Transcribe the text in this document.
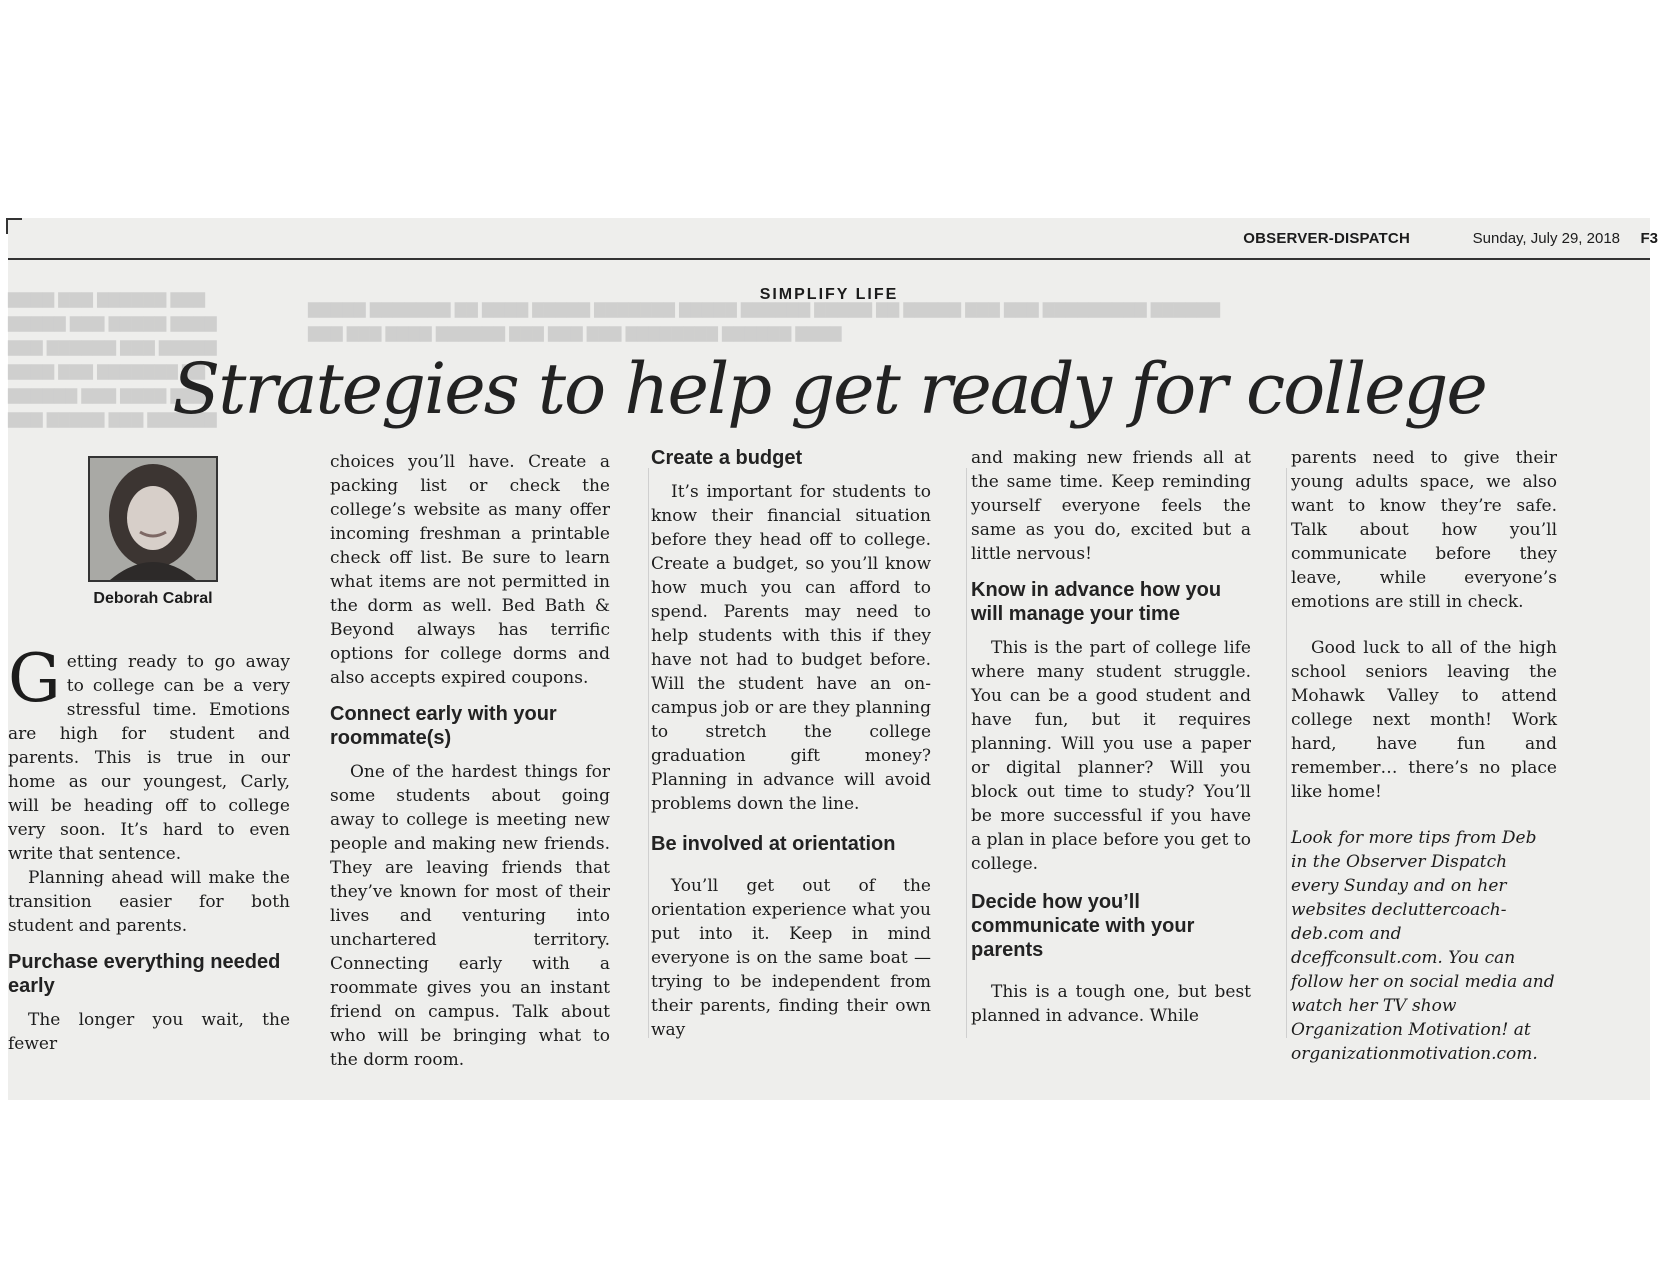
▇▇▇▇ ▇▇▇ ▇▇▇▇▇▇ ▇▇▇
▇▇▇▇▇ ▇▇▇ ▇▇▇▇▇ ▇▇▇▇
▇▇▇ ▇▇▇▇▇▇ ▇▇▇ ▇▇▇▇▇
▇▇▇▇ ▇▇▇ ▇▇▇▇▇▇▇ ▇▇
▇▇▇▇▇▇ ▇▇▇ ▇▇▇▇ ▇▇▇
▇▇▇ ▇▇▇▇▇ ▇▇▇ ▇▇▇▇▇▇
▇▇▇▇▇ ▇▇▇▇▇▇▇ ▇▇ ▇▇▇▇ ▇▇▇▇▇ ▇▇▇▇▇▇▇ ▇▇▇▇▇ ▇▇▇▇▇▇ ▇▇▇▇▇ ▇▇ ▇▇▇▇▇ ▇▇▇ ▇▇▇ ▇▇▇▇▇▇▇▇▇ ▇▇▇▇▇▇
▇▇▇ ▇▇▇ ▇▇▇▇ ▇▇▇▇▇▇ ▇▇▇ ▇▇▇ ▇▇▇ ▇▇▇▇▇▇▇▇ ▇▇▇▇▇▇ ▇▇▇▇
OBSERVER-DISPATCH	Sunday, July 29, 2018 F3
SIMPLIFY LIFE
Strategies to help get ready for college
Deborah Cabral

Getting ready to go away to college can be a very stressful time. Emotions are high for student and parents. This is true in our home as our youngest, Carly, will be heading off to college very soon. It’s hard to even write that sentence.

Planning ahead will make the transition easier for both student and parents.

Purchase everything needed early

The longer you wait, the fewer

choices you’ll have. Create a packing list or check the college’s website as many offer incoming freshman a printable check off list. Be sure to learn what items are not permitted in the dorm as well. Bed Bath & Beyond always has terrific options for college dorms and also accepts expired coupons.

Connect early with your roommate(s)

One of the hardest things for some students about going away to college is meeting new people and making new friends. They are leaving friends that they’ve known for most of their lives and venturing into unchartered territory. Connecting early with a roommate gives you an instant friend on campus. Talk about who will be bringing what to the dorm room.

Create a budget

It’s important for students to know their financial situation before they head off to college. Create a budget, so you’ll know how much you can afford to spend. Parents may need to help students with this if they have not had to budget before. Will the student have an on-campus job or are they planning to stretch the college graduation gift money? Planning in advance will avoid problems down the line.

Be involved at orientation

You’ll get out of the orientation experience what you put into it. Keep in mind everyone is on the same boat — trying to be independent from their parents, finding their own way

and making new friends all at the same time. Keep reminding yourself everyone feels the same as you do, excited but a little nervous!

Know in advance how you will manage your time

This is the part of college life where many student struggle. You can be a good student and have fun, but it requires planning. Will you use a paper or digital planner? Will you block out time to study? You’ll be more successful if you have a plan in place before you get to college.

Decide how you’ll communicate with your parents

This is a tough one, but best planned in advance. While

parents need to give their young adults space, we also want to know they’re safe. Talk about how you’ll communicate before they leave, while everyone’s emotions are still in check.

Good luck to all of the high school seniors leaving the Mohawk Valley to attend college next month! Work hard, have fun and remember… there’s no place like home!

Look for more tips from Deb in the Observer Dispatch every Sunday and on her websites decluttercoachdeb.com and dceffconsult.com. You can follow her on social media and watch her TV show Organization Motivation! at organizationmotivation.com.
